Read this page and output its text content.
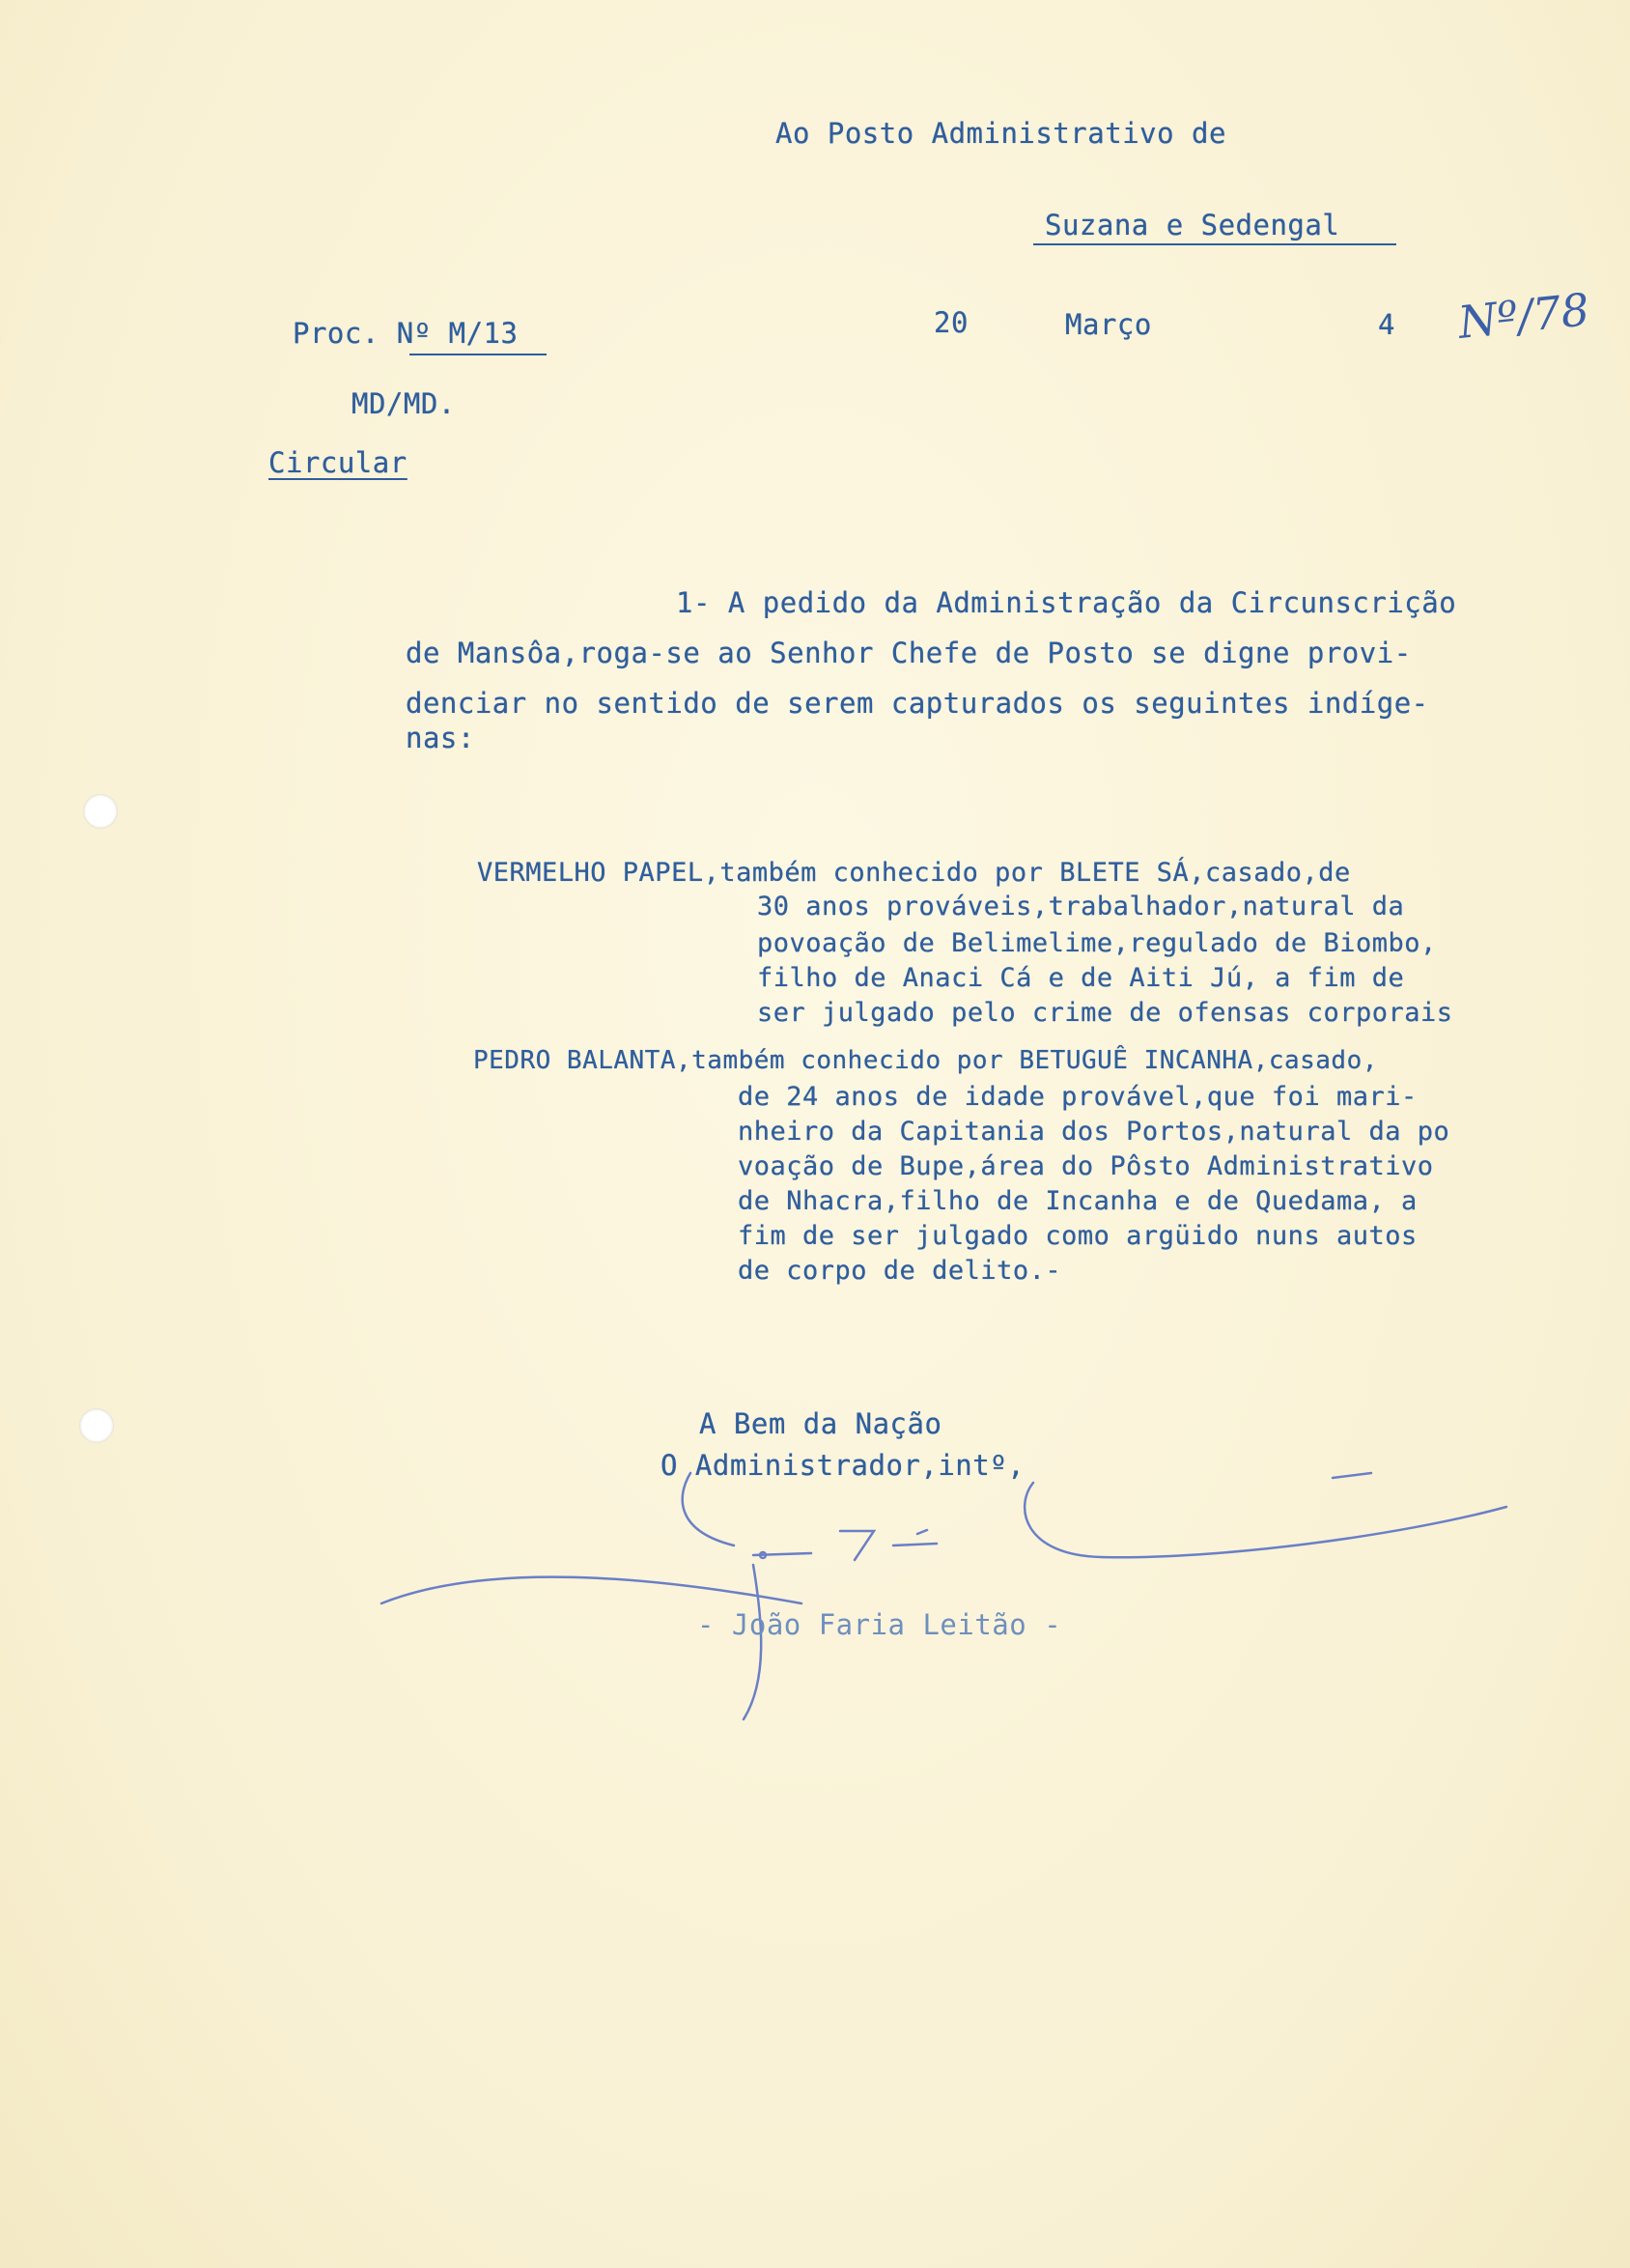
Ao Posto Administrativo de

Suzana e Sedengal

Proc. Nº M/13	20	Março	4 Nº/78

MD/MD.

Circular

1- A pedido da Administração da Circunscrição

de Mansôa,roga-se ao Senhor Chefe de Posto se digne provi-

denciar no sentido de serem capturados os seguintes indíge-

nas:

VERMELHO PAPEL,também conhecido por BLETE SÁ,casado,de

30 anos prováveis,trabalhador,natural da

povoação de Belimelime,regulado de Biombo,

filho de Anaci Cá e de Aiti Jú, a fim de

ser julgado pelo crime de ofensas corporais

PEDRO BALANTA,também conhecido por BETUGUÊ INCANHA,casado,

de 24 anos de idade provável,que foi mari-

nheiro da Capitania dos Portos,natural da po

voação de Bupe,área do Pôsto Administrativo

de Nhacra,filho de Incanha e de Quedama, a

fim de ser julgado como argüido nuns autos

de corpo de delito.-

A Bem da Nação

O Administrador,intº,

- João Faria Leitão -
